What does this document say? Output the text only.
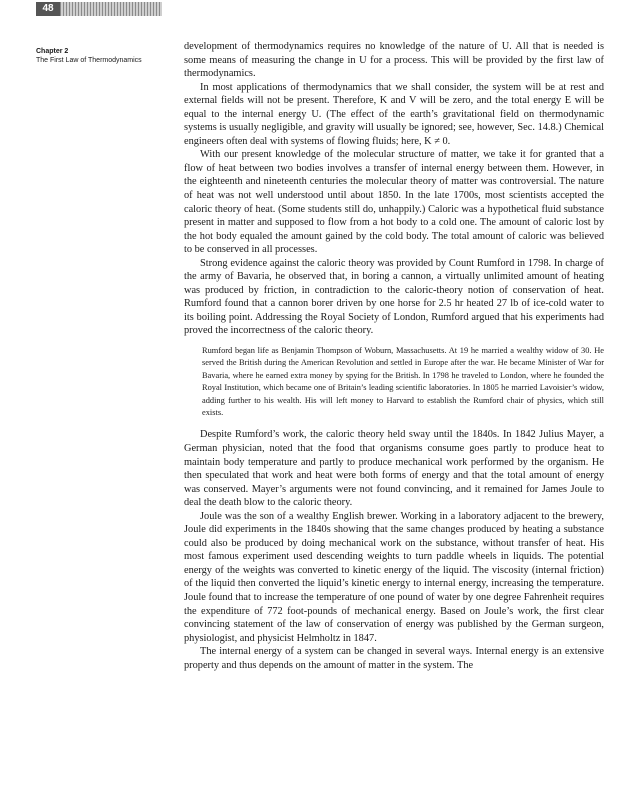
48
Chapter 2
The First Law of Thermodynamics

development of thermodynamics requires no knowledge of the nature of U. All that is needed is some means of measuring the change in U for a process. This will be provided by the first law of thermodynamics.

In most applications of thermodynamics that we shall consider, the system will be at rest and external fields will not be present. Therefore, K and V will be zero, and the total energy E will be equal to the internal energy U. (The effect of the earth’s gravitational field on thermodynamic systems is usually negligible, and gravity will usually be ignored; see, however, Sec. 14.8.) Chemical engineers often deal with systems of flowing fluids; here, K ≠ 0.

With our present knowledge of the molecular structure of matter, we take it for granted that a flow of heat between two bodies involves a transfer of internal energy between them. However, in the eighteenth and nineteenth centuries the molecular theory of matter was controversial. The nature of heat was not well understood until about 1850. In the late 1700s, most scientists accepted the caloric theory of heat. (Some students still do, unhappily.) Caloric was a hypothetical fluid substance present in matter and supposed to flow from a hot body to a cold one. The amount of caloric lost by the hot body equaled the amount gained by the cold body. The total amount of caloric was believed to be conserved in all processes.

Strong evidence against the caloric theory was provided by Count Rumford in 1798. In charge of the army of Bavaria, he observed that, in boring a cannon, a virtually unlimited amount of heating was produced by friction, in contradiction to the caloric-theory notion of conservation of heat. Rumford found that a cannon borer driven by one horse for 2.5 hr heated 27 lb of ice-cold water to its boiling point. Addressing the Royal Society of London, Rumford argued that his experiments had proved the incorrectness of the caloric theory.

Rumford began life as Benjamin Thompson of Woburn, Massachusetts. At 19 he married a wealthy widow of 30. He served the British during the American Revolution and settled in Europe after the war. He became Minister of War for Bavaria, where he earned extra money by spying for the British. In 1798 he traveled to London, where he founded the Royal Institution, which became one of Britain’s leading scientific laboratories. In 1805 he married Lavoisier’s widow, adding further to his wealth. His will left money to Harvard to establish the Rumford chair of physics, which still exists.

Despite Rumford’s work, the caloric theory held sway until the 1840s. In 1842 Julius Mayer, a German physician, noted that the food that organisms consume goes partly to produce heat to maintain body temperature and partly to produce mechanical work performed by the organism. He then speculated that work and heat were both forms of energy and that the total amount of energy was conserved. Mayer’s arguments were not found convincing, and it remained for James Joule to deal the death blow to the caloric theory.

Joule was the son of a wealthy English brewer. Working in a laboratory adjacent to the brewery, Joule did experiments in the 1840s showing that the same changes produced by heating a substance could also be produced by doing mechanical work on the substance, without transfer of heat. His most famous experiment used descending weights to turn paddle wheels in liquids. The potential energy of the weights was converted to kinetic energy of the liquid. The viscosity (internal friction) of the liquid then converted the liquid’s kinetic energy to internal energy, increasing the temperature. Joule found that to increase the temperature of one pound of water by one degree Fahrenheit requires the expenditure of 772 foot-pounds of mechanical energy. Based on Joule’s work, the first clear convincing statement of the law of conservation of energy was published by the German surgeon, physiologist, and physicist Helmholtz in 1847.

The internal energy of a system can be changed in several ways. Internal energy is an extensive property and thus depends on the amount of matter in the system. The
